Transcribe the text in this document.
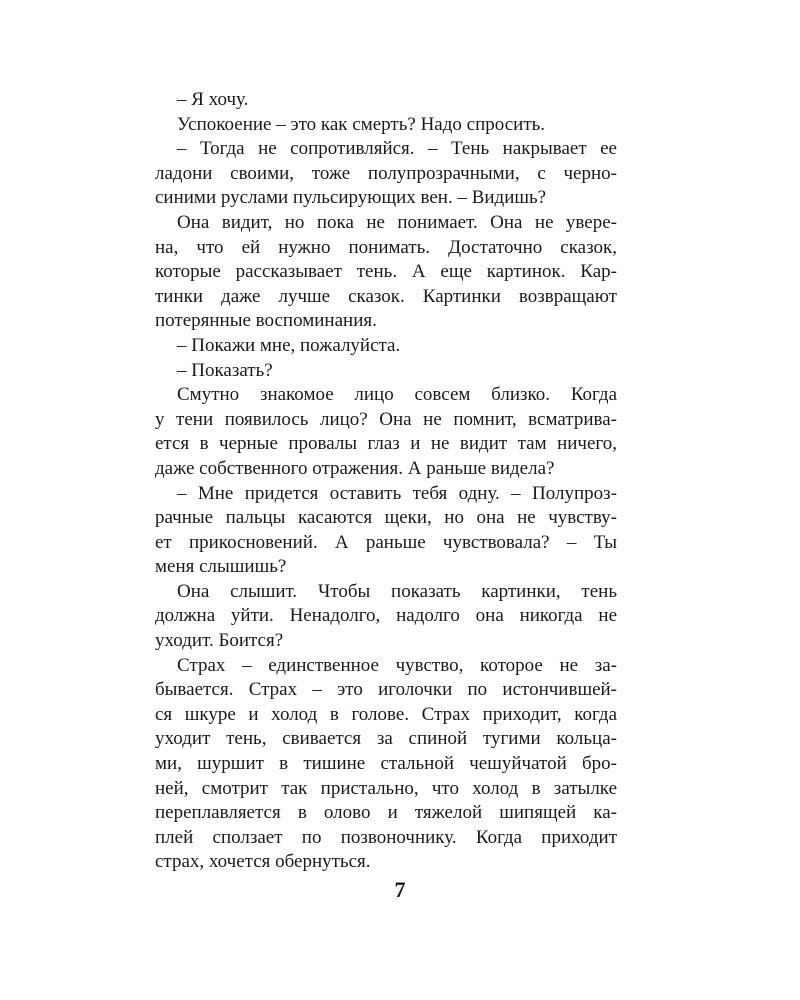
– Я хочу.
Успокоение – это как смерть? Надо спросить.
– Тогда не сопротивляйся. – Тень накрывает ее
ладони своими, тоже полупрозрачными, с черно-
синими руслами пульсирующих вен. – Видишь?
Она видит, но пока не понимает. Она не увере-
на, что ей нужно понимать. Достаточно сказок,
которые рассказывает тень. А еще картинок. Кар-
тинки даже лучше сказок. Картинки возвращают
потерянные воспоминания.
– Покажи мне, пожалуйста.
– Показать?
Смутно знакомое лицо совсем близко. Когда
у тени появилось лицо? Она не помнит, всматрива-
ется в черные провалы глаз и не видит там ничего,
даже собственного отражения. А раньше видела?
– Мне придется оставить тебя одну. – Полупроз-
рачные пальцы касаются щеки, но она не чувству-
ет прикосновений. А раньше чувствовала? – Ты
меня слышишь?
Она слышит. Чтобы показать картинки, тень
должна уйти. Ненадолго, надолго она никогда не
уходит. Боится?
Страх – единственное чувство, которое не за-
бывается. Страх – это иголочки по истончившей-
ся шкуре и холод в голове. Страх приходит, когда
уходит тень, свивается за спиной тугими кольца-
ми, шуршит в тишине стальной чешуйчатой бро-
ней, смотрит так пристально, что холод в затылке
переплавляется в олово и тяжелой шипящей ка-
плей сползает по позвоночнику. Когда приходит
страх, хочется обернуться.
7
